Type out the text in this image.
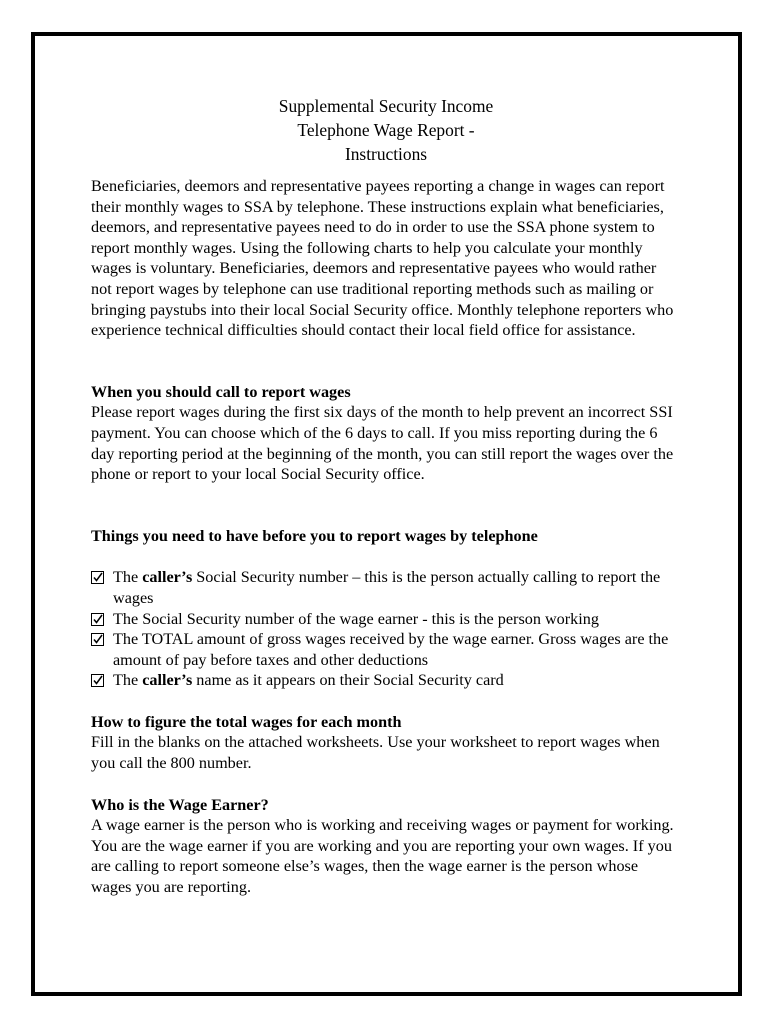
Supplemental Security Income
Telephone Wage Report -
Instructions

Beneficiaries, deemors and representative payees reporting a change in wages can report their monthly wages to SSA by telephone. These instructions explain what beneficiaries, deemors, and representative payees need to do in order to use the SSA phone system to report monthly wages. Using the following charts to help you calculate your monthly wages is voluntary. Beneficiaries, deemors and representative payees who would rather not report wages by telephone can use traditional reporting methods such as mailing or bringing paystubs into their local Social Security office. Monthly telephone reporters who experience technical difficulties should contact their local field office for assistance.

When you should call to report wages

Please report wages during the first six days of the month to help prevent an incorrect SSI payment. You can choose which of the 6 days to call. If you miss reporting during the 6 day reporting period at the beginning of the month, you can still report the wages over the phone or report to your local Social Security office.

Things you need to have before you to report wages by telephone
The caller’s Social Security number – this is the person actually calling to report the wages
The Social Security number of the wage earner - this is the person working
The TOTAL amount of gross wages received by the wage earner. Gross wages are the amount of pay before taxes and other deductions
The caller’s name as it appears on their Social Security card
How to figure the total wages for each month

Fill in the blanks on the attached worksheets. Use your worksheet to report wages when you call the 800 number.

Who is the Wage Earner?

A wage earner is the person who is working and receiving wages or payment for working. You are the wage earner if you are working and you are reporting your own wages. If you are calling to report someone else’s wages, then the wage earner is the person whose wages you are reporting.
